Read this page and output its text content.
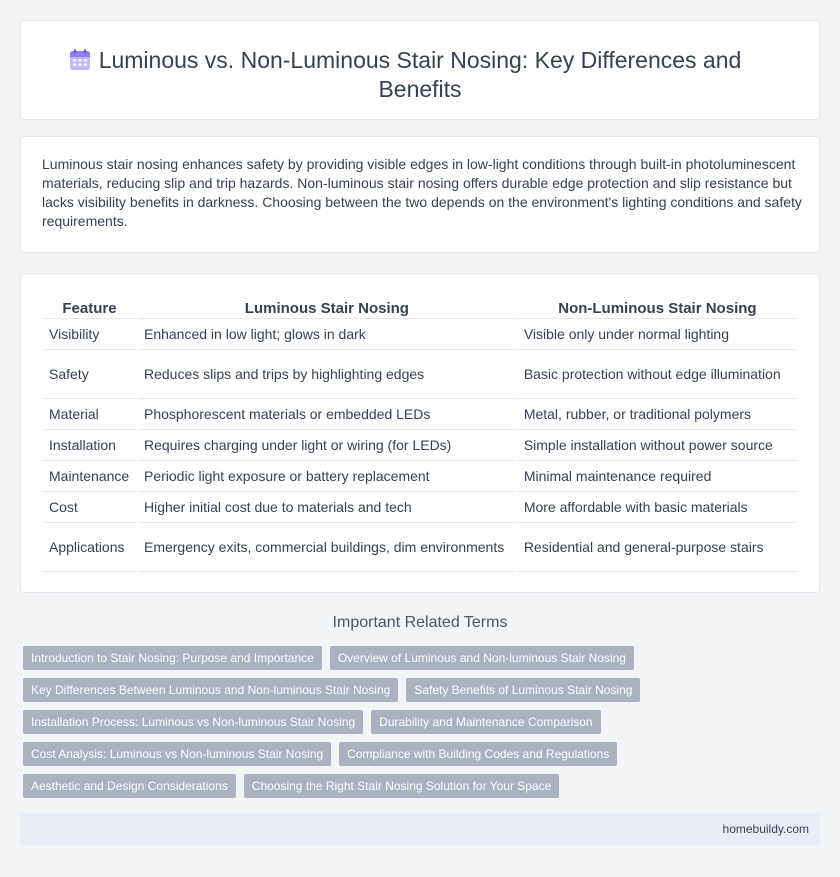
Luminous vs. Non-Luminous Stair Nosing: Key Differences and Benefits

Luminous stair nosing enhances safety by providing visible edges in low-light conditions through built-in photoluminescent materials, reducing slip and trip hazards. Non-luminous stair nosing offers durable edge protection and slip resistance but lacks visibility benefits in darkness. Choosing between the two depends on the environment's lighting conditions and safety requirements.

Feature	Luminous Stair Nosing	Non-Luminous Stair Nosing
Visibility	Enhanced in low light; glows in dark	Visible only under normal lighting
Safety	Reduces slips and trips by highlighting edges	Basic protection without edge illumination
Material	Phosphorescent materials or embedded LEDs	Metal, rubber, or traditional polymers
Installation	Requires charging under light or wiring (for LEDs)	Simple installation without power source
Maintenance	Periodic light exposure or battery replacement	Minimal maintenance required
Cost	Higher initial cost due to materials and tech	More affordable with basic materials
Applications	Emergency exits, commercial buildings, dim environments	Residential and general-purpose stairs
Important Related Terms
Introduction to Stair Nosing: Purpose and Importance	Overview of Luminous and Non-luminous Stair Nosing
Key Differences Between Luminous and Non-luminous Stair Nosing	Safety Benefits of Luminous Stair Nosing
Installation Process: Luminous vs Non-luminous Stair Nosing	Durability and Maintenance Comparison
Cost Analysis: Luminous vs Non-luminous Stair Nosing	Compliance with Building Codes and Regulations
Aesthetic and Design Considerations	Choosing the Right Stair Nosing Solution for Your Space
homebuildy.com
